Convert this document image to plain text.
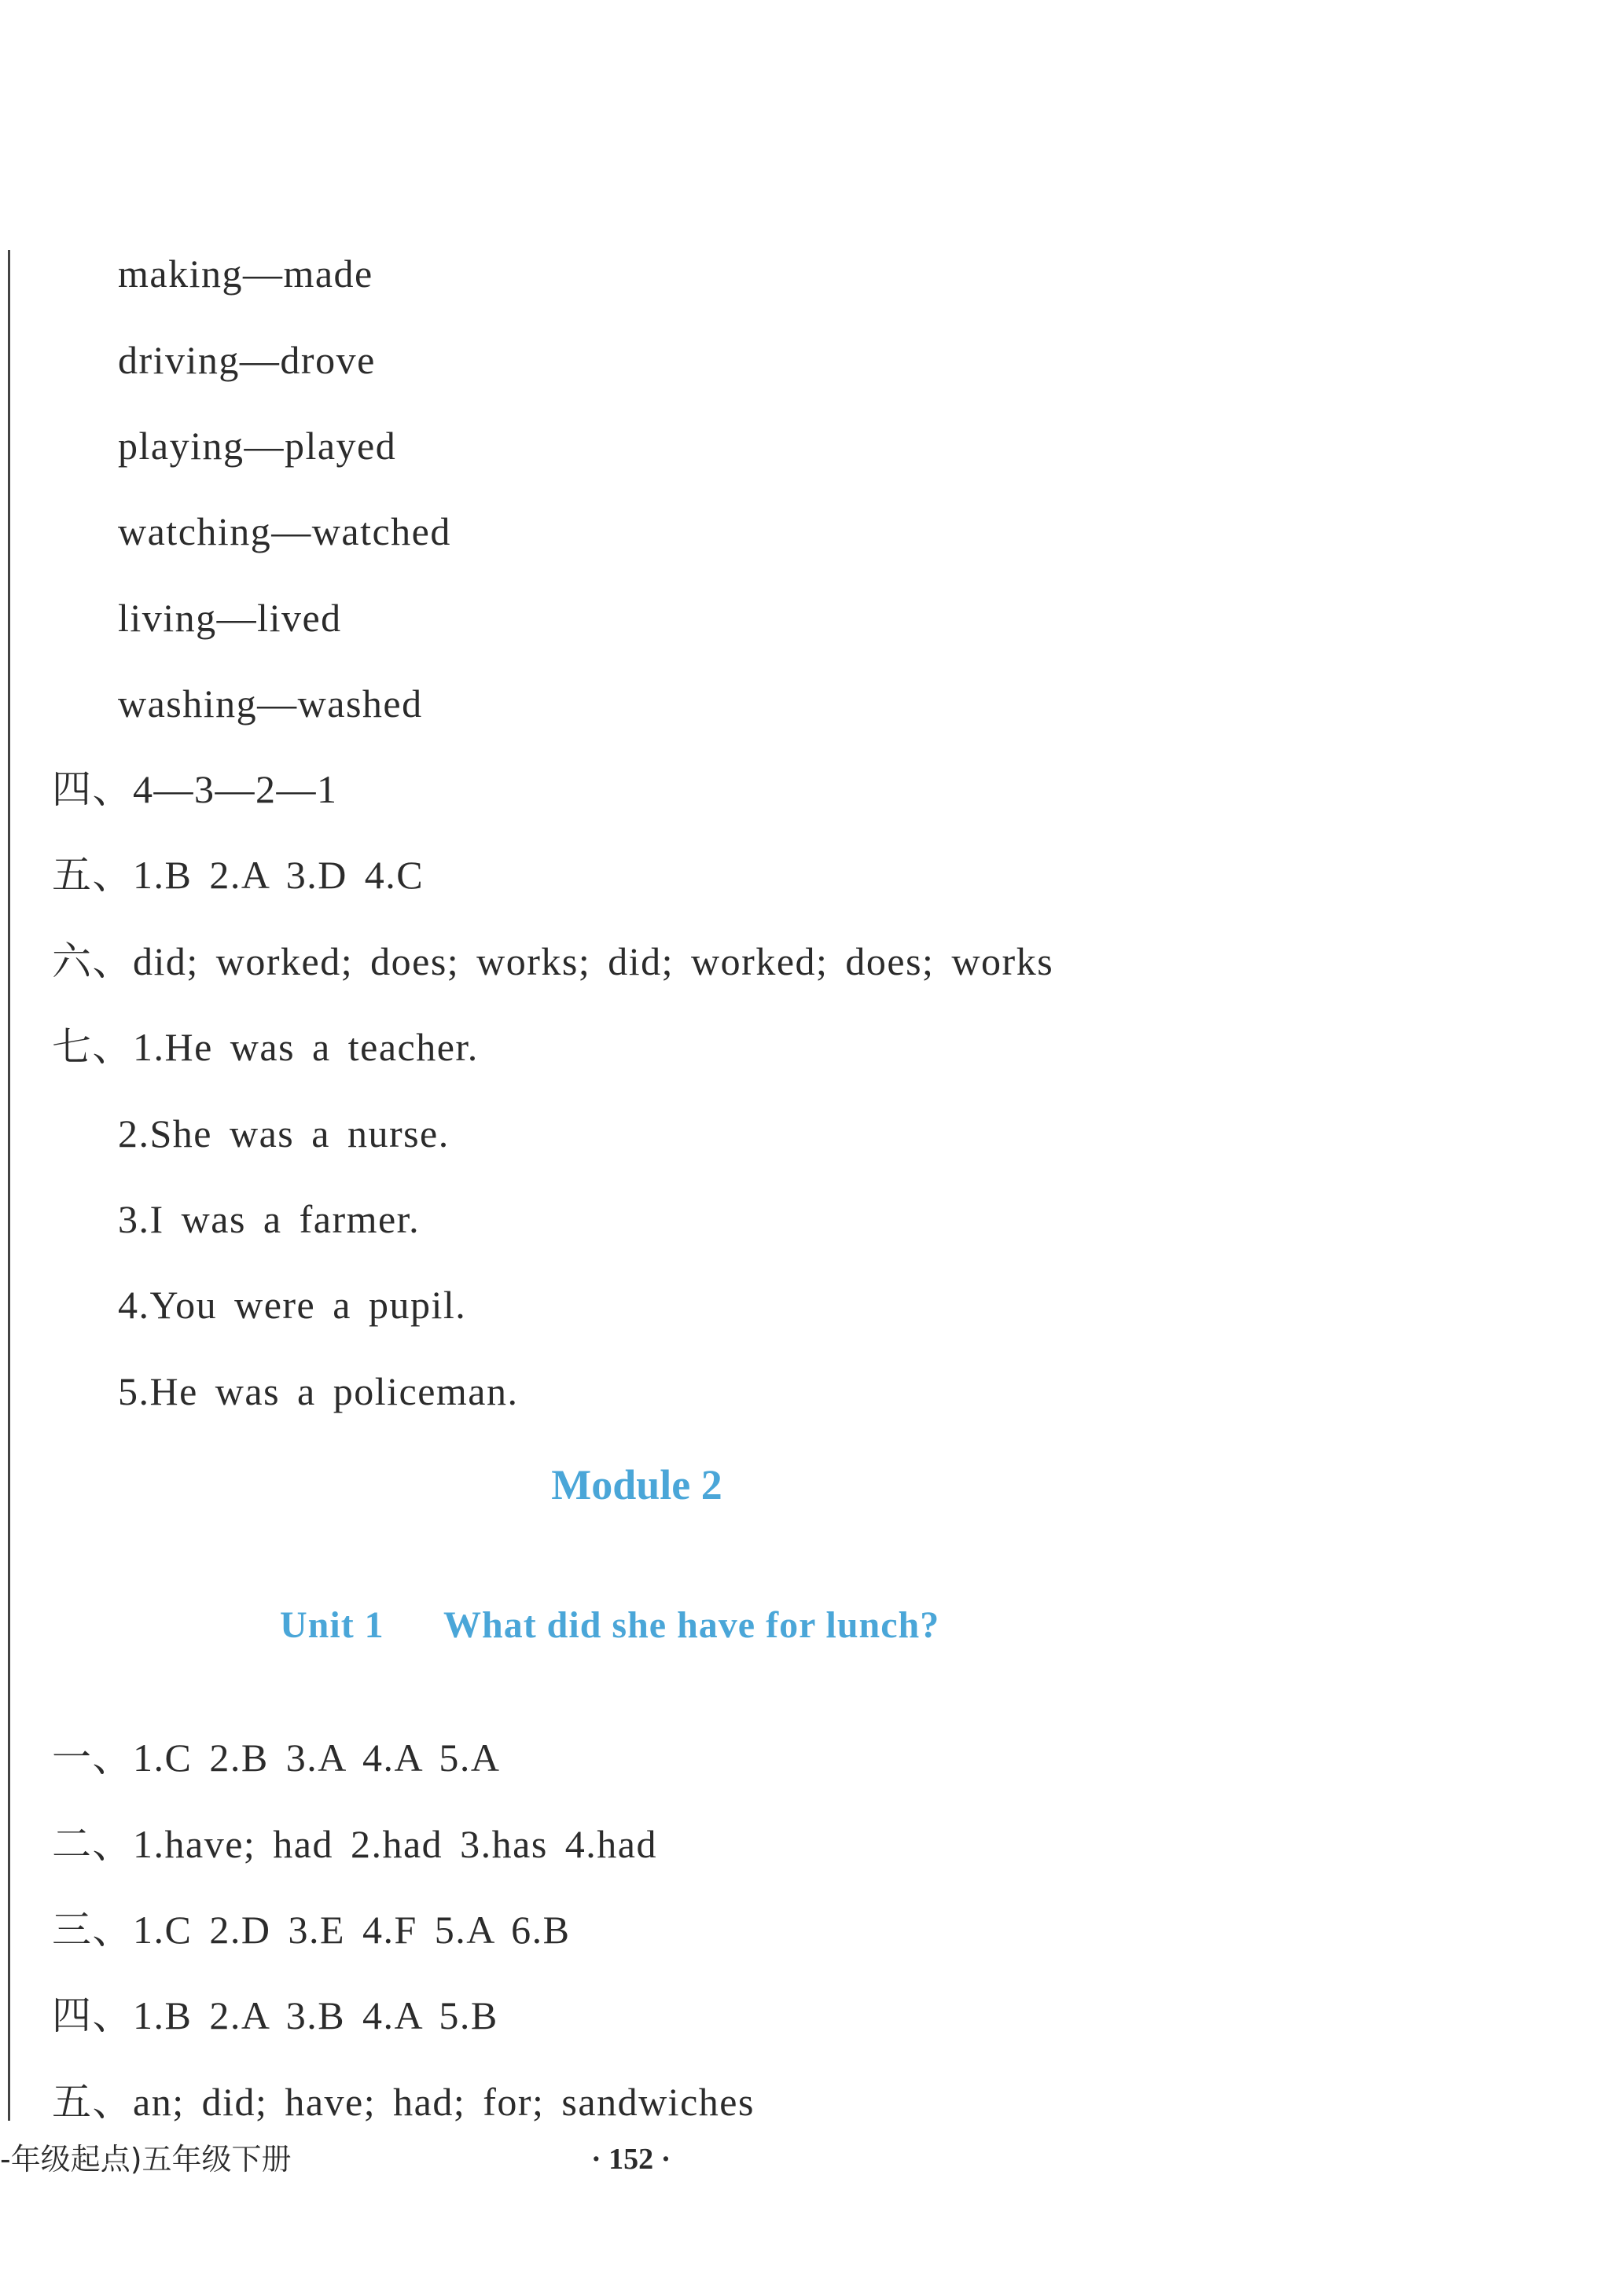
making—made
driving—drove
playing—played
watching—watched
living—lived
washing—washed
四、4—3—2—1
五、1.B 2.A 3.D 4.C
六、did; worked; does; works; did; worked; does; works
七、1.He was a teacher.
2.She was a nurse.
3.I was a farmer.
4.You were a pupil.
5.He was a policeman.
Module 2
Unit 1 What did she have for lunch?
一、1.C 2.B 3.A 4.A 5.A
二、1.have; had 2.had 3.has 4.had
三、1.C 2.D 3.E 4.F 5.A 6.B
四、1.B 2.A 3.B 4.A 5.B
五、an; did; have; had; for; sandwiches
-年级起点)五年级下册	· 152 ·
